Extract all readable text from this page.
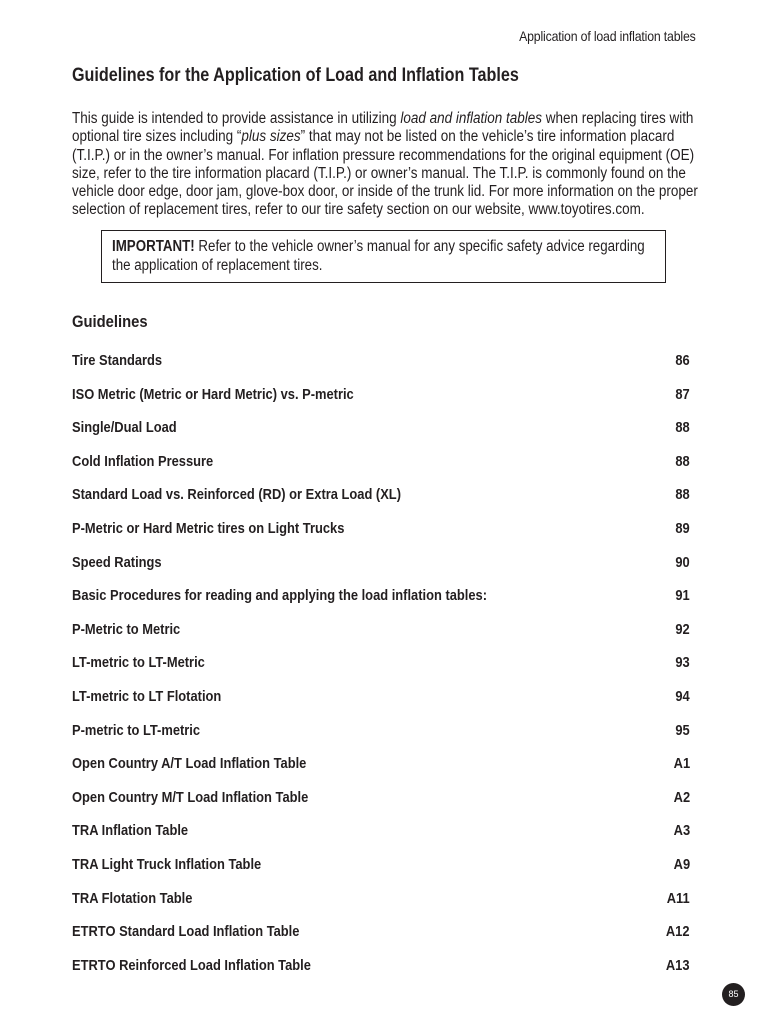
Application of load inflation tables
Guidelines for the Application of Load and Inflation Tables

This guide is intended to provide assistance in utilizing load and inflation tables when replacing tires with optional tire sizes including “plus sizes” that may not be listed on the vehicle’s tire information placard (T.I.P.) or in the owner’s manual. For inflation pressure recommendations for the original equipment (OE) size, refer to the tire information placard (T.I.P.) or owner’s manual. The T.I.P. is commonly found on the vehicle door edge, door jam, glove-box door, or inside of the trunk lid. For more information on the proper selection of replacement tires, refer to our tire safety section on our website, www.toyotires.com.

IMPORTANT! Refer to the vehicle owner’s manual for any specific safety advice regarding the application of replacement tires.

Guidelines
Tire Standards	86
ISO Metric (Metric or Hard Metric) vs. P-metric	87
Single/Dual Load	88
Cold Inflation Pressure	88
Standard Load vs. Reinforced (RD) or Extra Load (XL)	88
P-Metric or Hard Metric tires on Light Trucks	89
Speed Ratings	90
Basic Procedures for reading and applying the load inflation tables:	91
P-Metric to Metric	92
LT-metric to LT-Metric	93
LT-metric to LT Flotation	94
P-metric to LT-metric	95
Open Country A/T Load Inflation Table	A1
Open Country M/T Load Inflation Table	A2
TRA Inflation Table	A3
TRA Light Truck Inflation Table	A9
TRA Flotation Table	A11
ETRTO Standard Load Inflation Table	A12
ETRTO Reinforced Load Inflation Table	A13
85
